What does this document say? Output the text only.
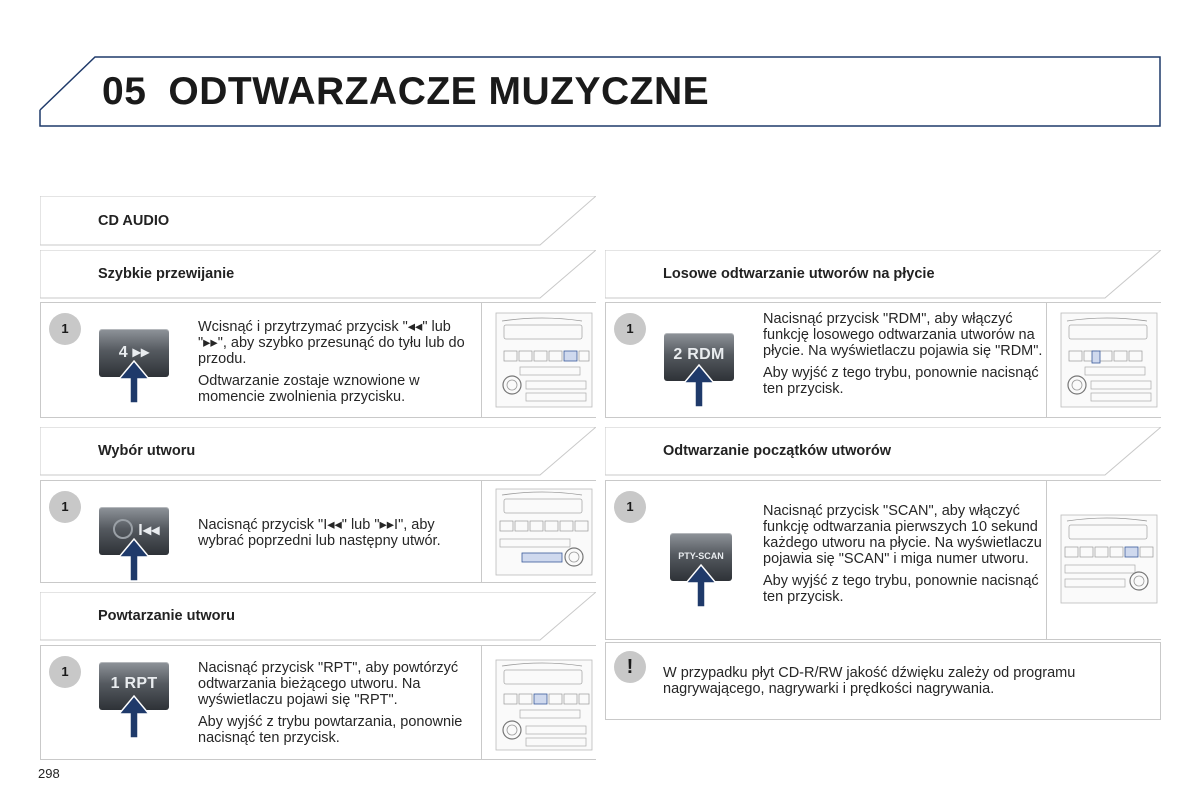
05 ODTWARZACZE MUZYCZNE
CD AUDIO
Szybkie przewijanie
1
4 ▸▸

Wcisnąć i przytrzymać przycisk "◂◂" lub "▸▸", aby szybko przesunąć do tyłu lub do przodu.

Odtwarzanie zostaje wznowione w momencie zwolnienia przycisku.

Wybór utworu
1
I◂◂	Nacisnąć przycisk "I◂◂" lub "▸▸I", aby wybrać poprzedni lub następny utwór.

Powtarzanie utworu
1
1 RPT

Nacisnąć przycisk "RPT", aby powtórzyć odtwarzania bieżącego utworu. Na wyświetlaczu pojawi się "RPT".

Aby wyjść z trybu powtarzania, ponownie nacisnąć ten przycisk.

Losowe odtwarzanie utworów na płycie
1
2 RDM

Nacisnąć przycisk "RDM", aby włączyć funkcję losowego odtwarzania utworów na płycie. Na wyświetlaczu pojawia się "RDM".

Aby wyjść z tego trybu, ponownie nacisnąć ten przycisk.

Odtwarzanie początków utworów
1
PTY-SCAN

Nacisnąć przycisk "SCAN", aby włączyć funkcję odtwarzania pierwszych 10 sekund każdego utworu na płycie. Na wyświetlaczu pojawia się "SCAN" i miga numer utworu.

Aby wyjść z tego trybu, ponownie nacisnąć ten przycisk.

!	W przypadku płyt CD-R/RW jakość dźwięku zależy od programu nagrywającego, nagrywarki i prędkości nagrywania.
298
